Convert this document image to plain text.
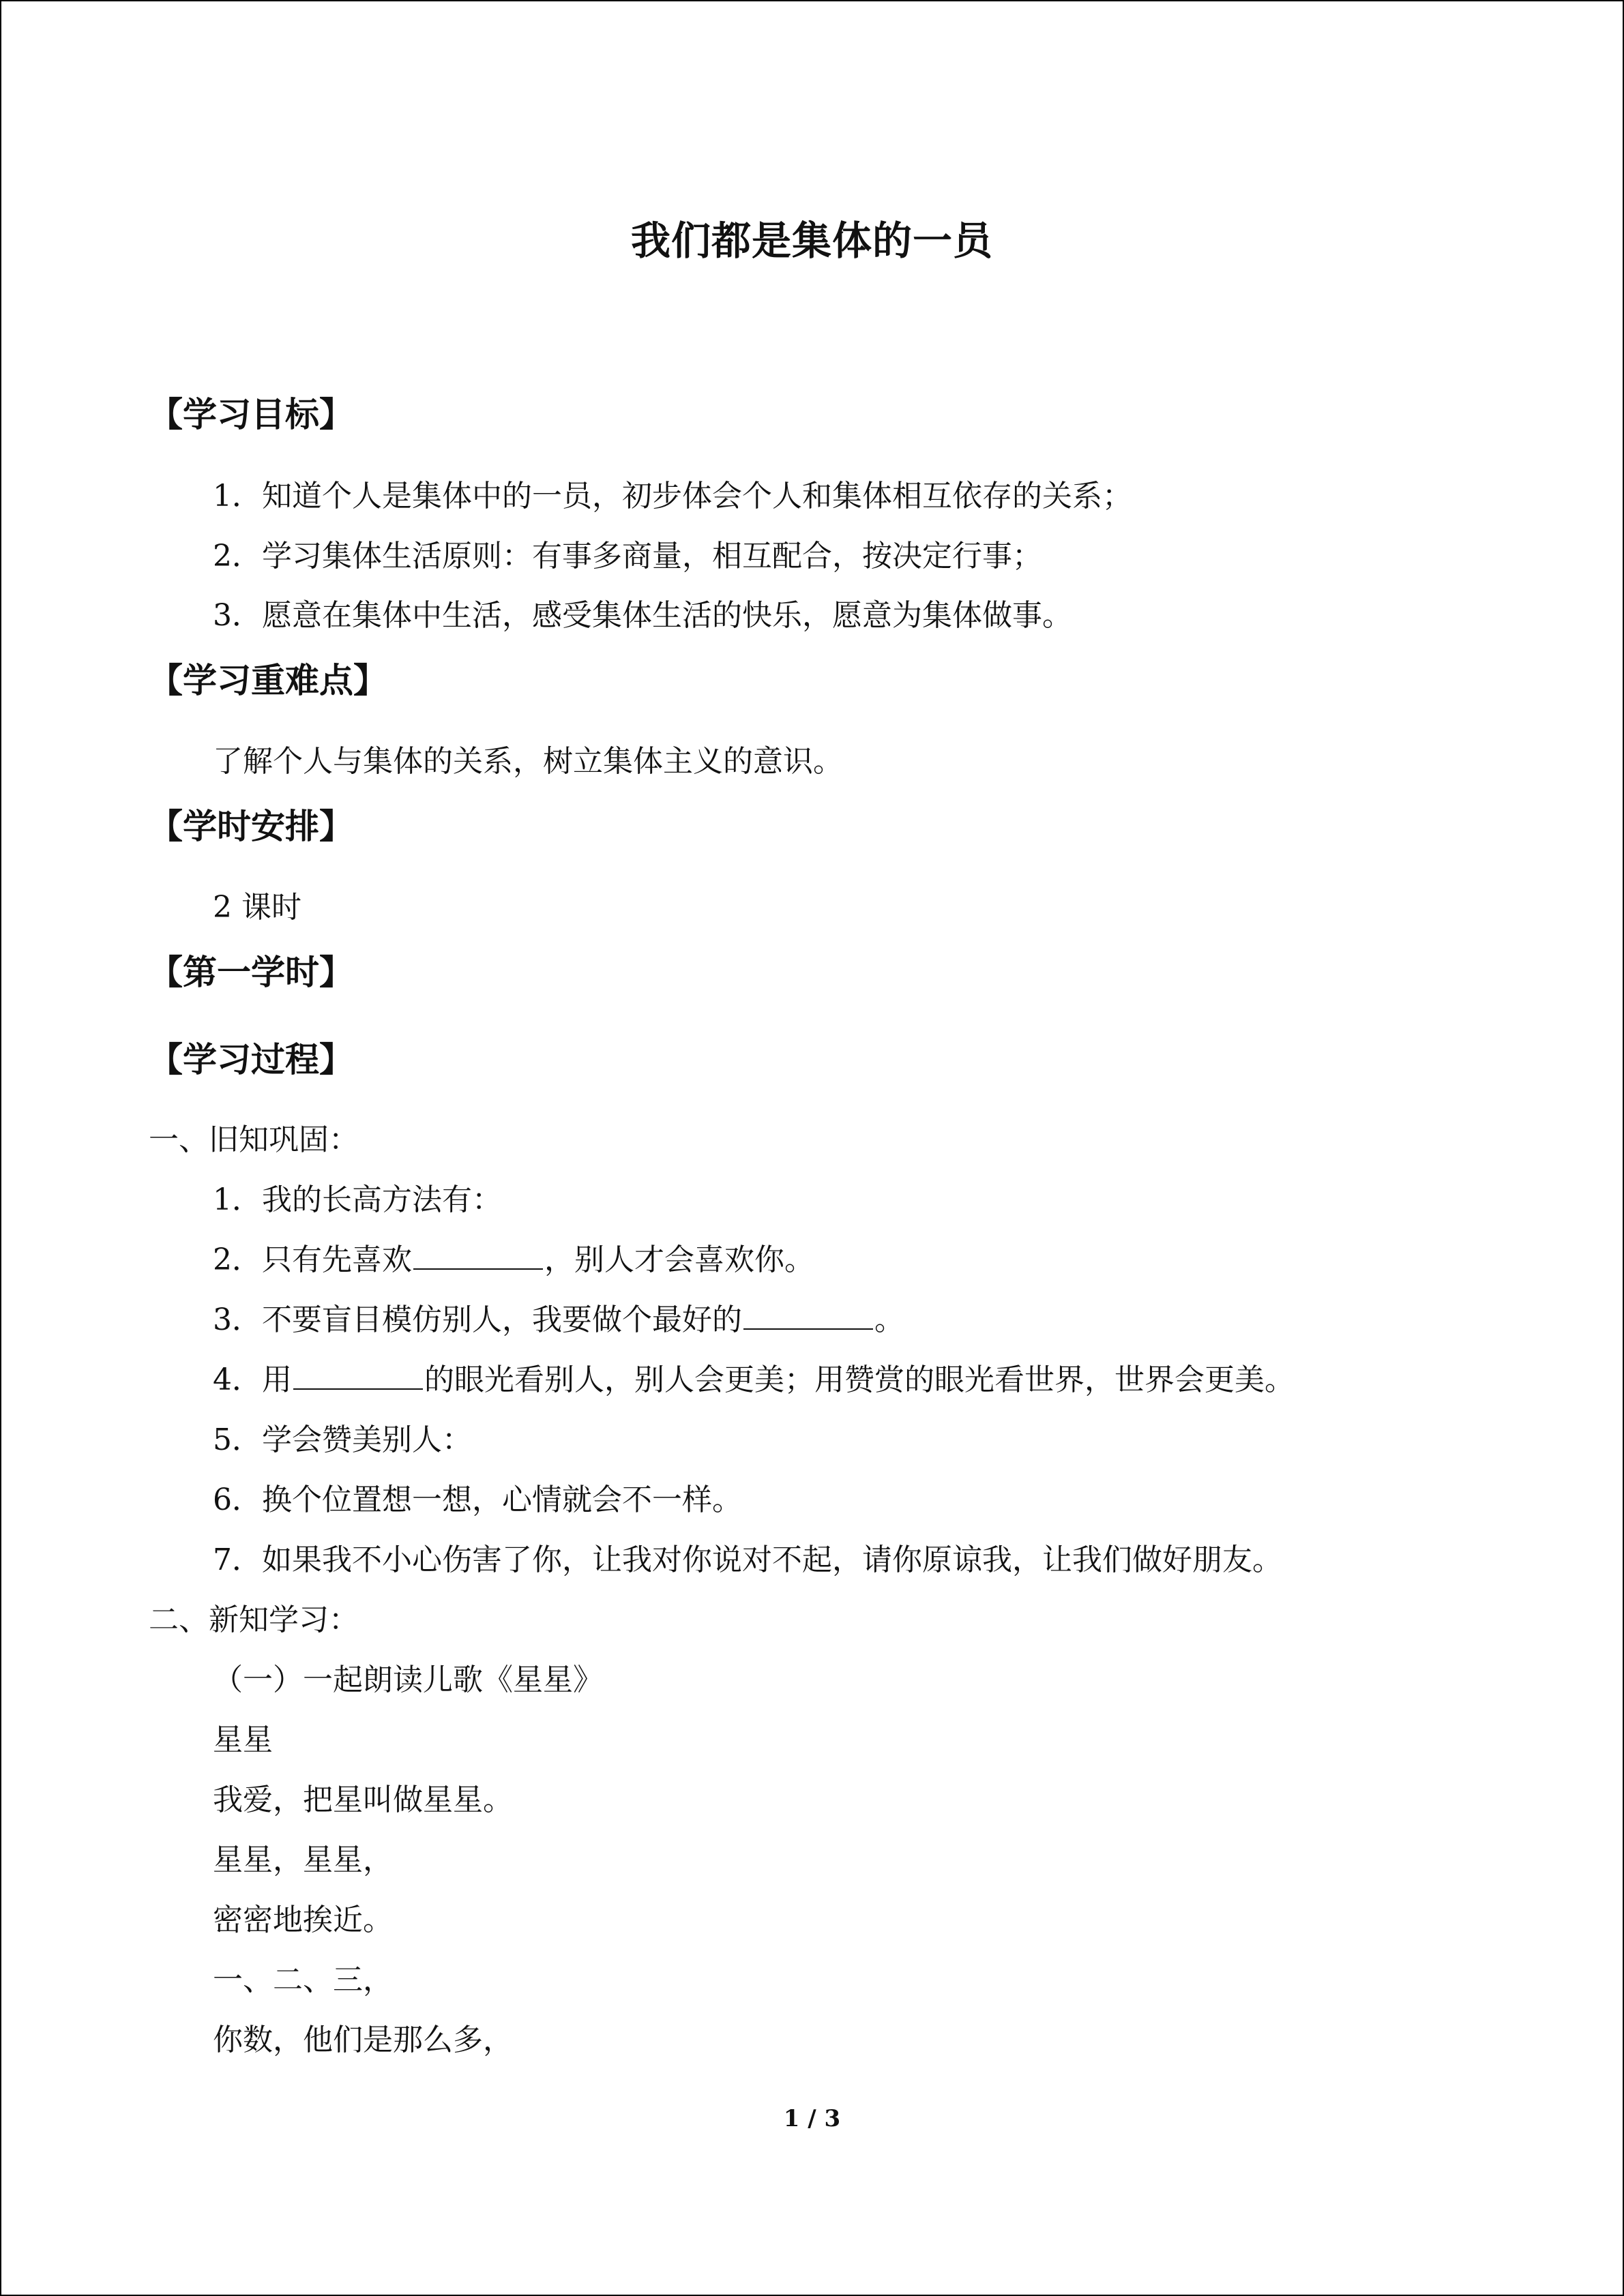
我们都是集体的一员
【学习目标】
1．知道个人是集体中的一员，初步体会个人和集体相互依存的关系；
2．学习集体生活原则：有事多商量，相互配合，按决定行事；
3．愿意在集体中生活，感受集体生活的快乐，愿意为集体做事。
【学习重难点】
了解个人与集体的关系，树立集体主义的意识。
【学时安排】
2 课时
【第一学时】
【学习过程】
一、旧知巩固：
1．我的长高方法有：
2．只有先喜欢	，别人才会喜欢你。
3．不要盲目模仿别人，我要做个最好的	。
4．用	的眼光看别人，别人会更美；用赞赏的眼光看世界，世界会更美。
5．学会赞美别人：
6．换个位置想一想，心情就会不一样。
7．如果我不小心伤害了你，让我对你说对不起，请你原谅我，让我们做好朋友。
二、新知学习：
（一）一起朗读儿歌《星星》
星星
我爱，把星叫做星星。
星星，星星，
密密地挨近。
一、二、三，
你数，他们是那么多，
1 / 3
